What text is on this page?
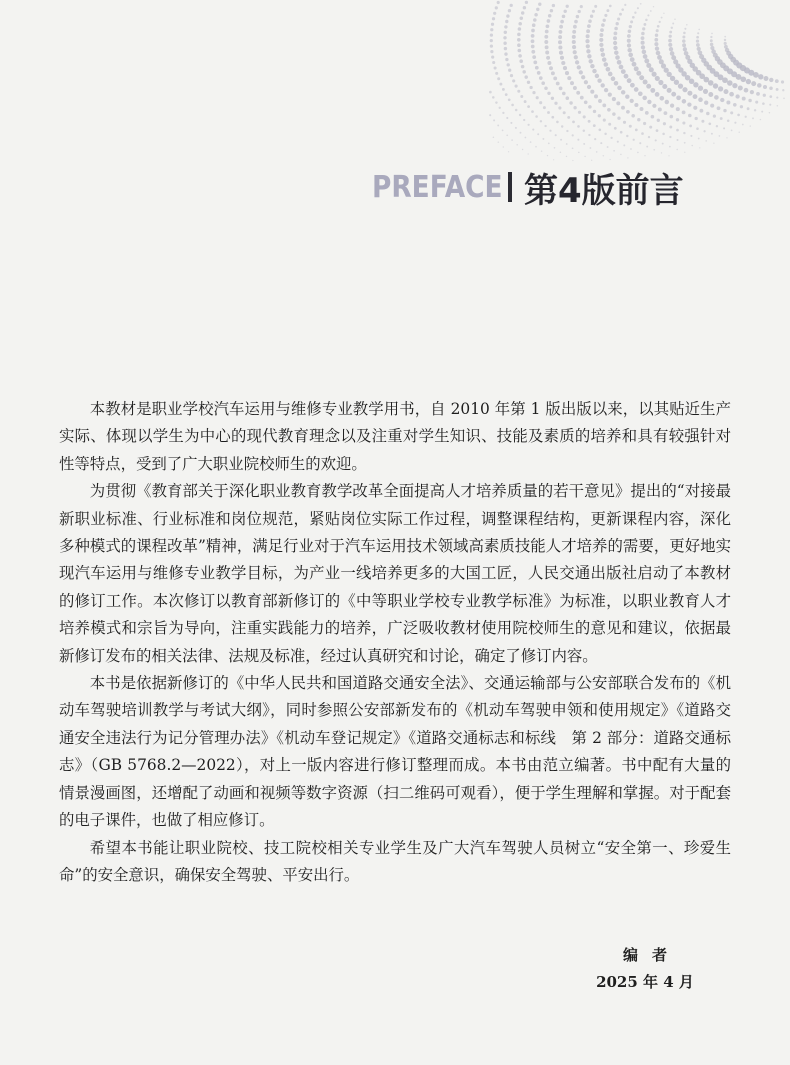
PREFACE 第4版前言

本教材是职业学校汽车运用与维修专业教学用书，自 2010 年第 1 版出版以来，以其贴近生产实际、体现以学生为中心的现代教育理念以及注重对学生知识、技能及素质的培养和具有较强针对性等特点，受到了广大职业院校师生的欢迎。

为贯彻《教育部关于深化职业教育教学改革全面提高人才培养质量的若干意见》提出的“对接最新职业标准、行业标准和岗位规范，紧贴岗位实际工作过程，调整课程结构，更新课程内容，深化多种模式的课程改革”精神，满足行业对于汽车运用技术领域高素质技能人才培养的需要，更好地实现汽车运用与维修专业教学目标，为产业一线培养更多的大国工匠，人民交通出版社启动了本教材的修订工作。本次修订以教育部新修订的《中等职业学校专业教学标准》为标准，以职业教育人才培养模式和宗旨为导向，注重实践能力的培养，广泛吸收教材使用院校师生的意见和建议，依据最新修订发布的相关法律、法规及标准，经过认真研究和讨论，确定了修订内容。

本书是依据新修订的《中华人民共和国道路交通安全法》、交通运输部与公安部联合发布的《机动车驾驶培训教学与考试大纲》，同时参照公安部新发布的《机动车驾驶申领和使用规定》《道路交通安全违法行为记分管理办法》《机动车登记规定》《道路交通标志和标线　第 2 部分：道路交通标志》（GB 5768.2—2022），对上一版内容进行修订整理而成。本书由范立编著。书中配有大量的情景漫画图，还增配了动画和视频等数字资源（扫二维码可观看），便于学生理解和掌握。对于配套的电子课件，也做了相应修订。

希望本书能让职业院校、技工院校相关专业学生及广大汽车驾驶人员树立“安全第一、珍爱生命”的安全意识，确保安全驾驶、平安出行。

编者
2025 年 4 月
